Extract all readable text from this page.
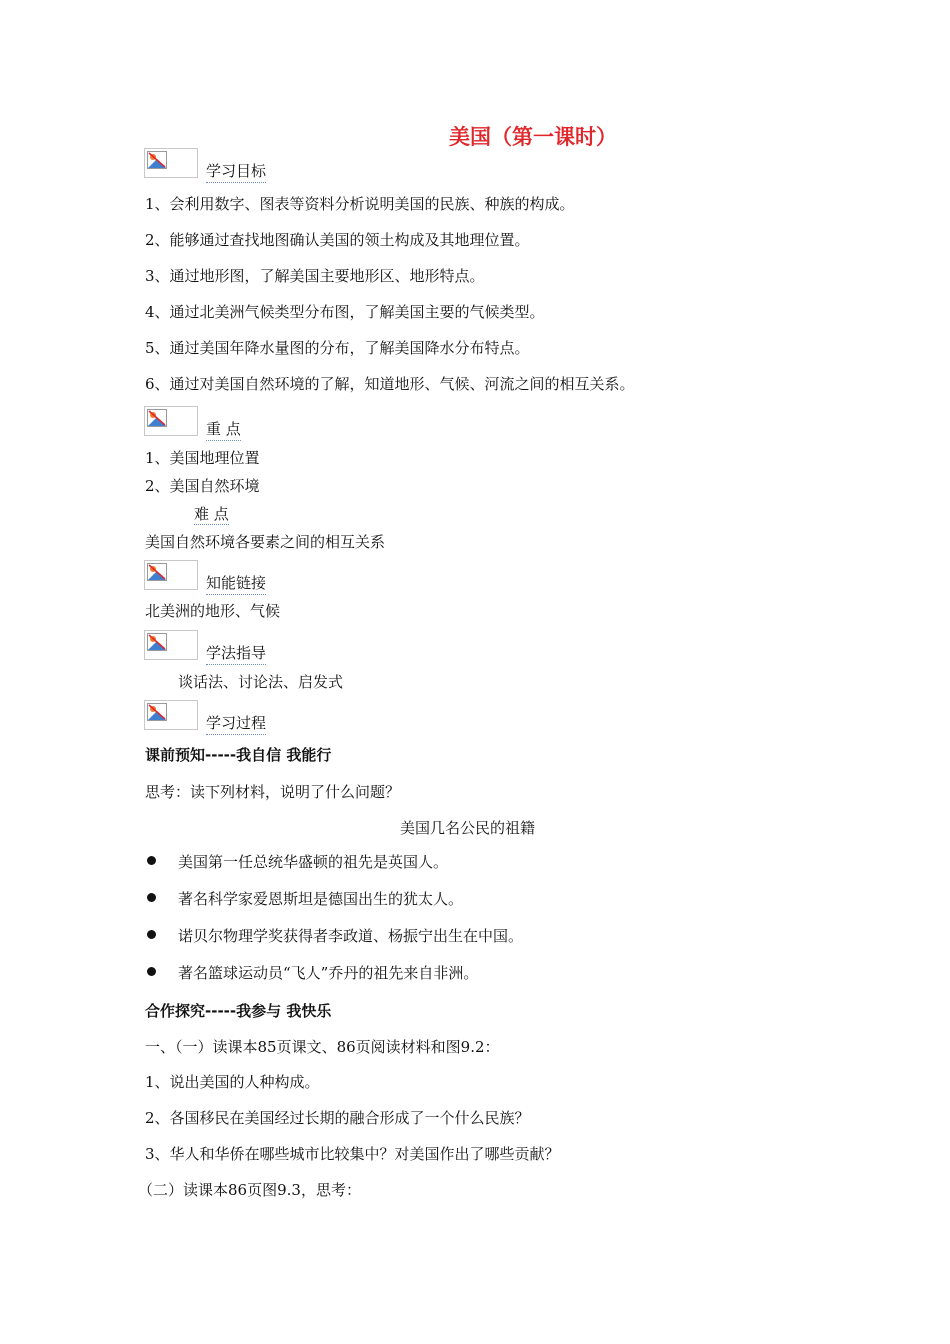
美国（第一课时）
学习目标
1、会利用数字、图表等资料分析说明美国的民族、种族的构成。
2、能够通过查找地图确认美国的领土构成及其地理位置。
3、通过地形图，了解美国主要地形区、地形特点。
4、通过北美洲气候类型分布图，了解美国主要的气候类型。
5、通过美国年降水量图的分布，了解美国降水分布特点。
6、通过对美国自然环境的了解，知道地形、气候、河流之间的相互关系。
重 点
1、美国地理位置
2、美国自然环境
难 点
美国自然环境各要素之间的相互关系
知能链接
北美洲的地形、气候
学法指导
谈话法、讨论法、启发式
学习过程
课前预知-----我自信 我能行
思考：读下列材料，说明了什么问题？
美国几名公民的祖籍
美国第一任总统华盛顿的祖先是英国人。
著名科学家爱恩斯坦是德国出生的犹太人。
诺贝尔物理学奖获得者李政道、杨振宁出生在中国。
著名篮球运动员“飞人”乔丹的祖先来自非洲。
合作探究-----我参与 我快乐
一、（一）读课本85页课文、86页阅读材料和图9.2：
1、说出美国的人种构成。
2、各国移民在美国经过长期的融合形成了一个什么民族？
3、华人和华侨在哪些城市比较集中？对美国作出了哪些贡献？
（二）读课本86页图9.3，思考：
